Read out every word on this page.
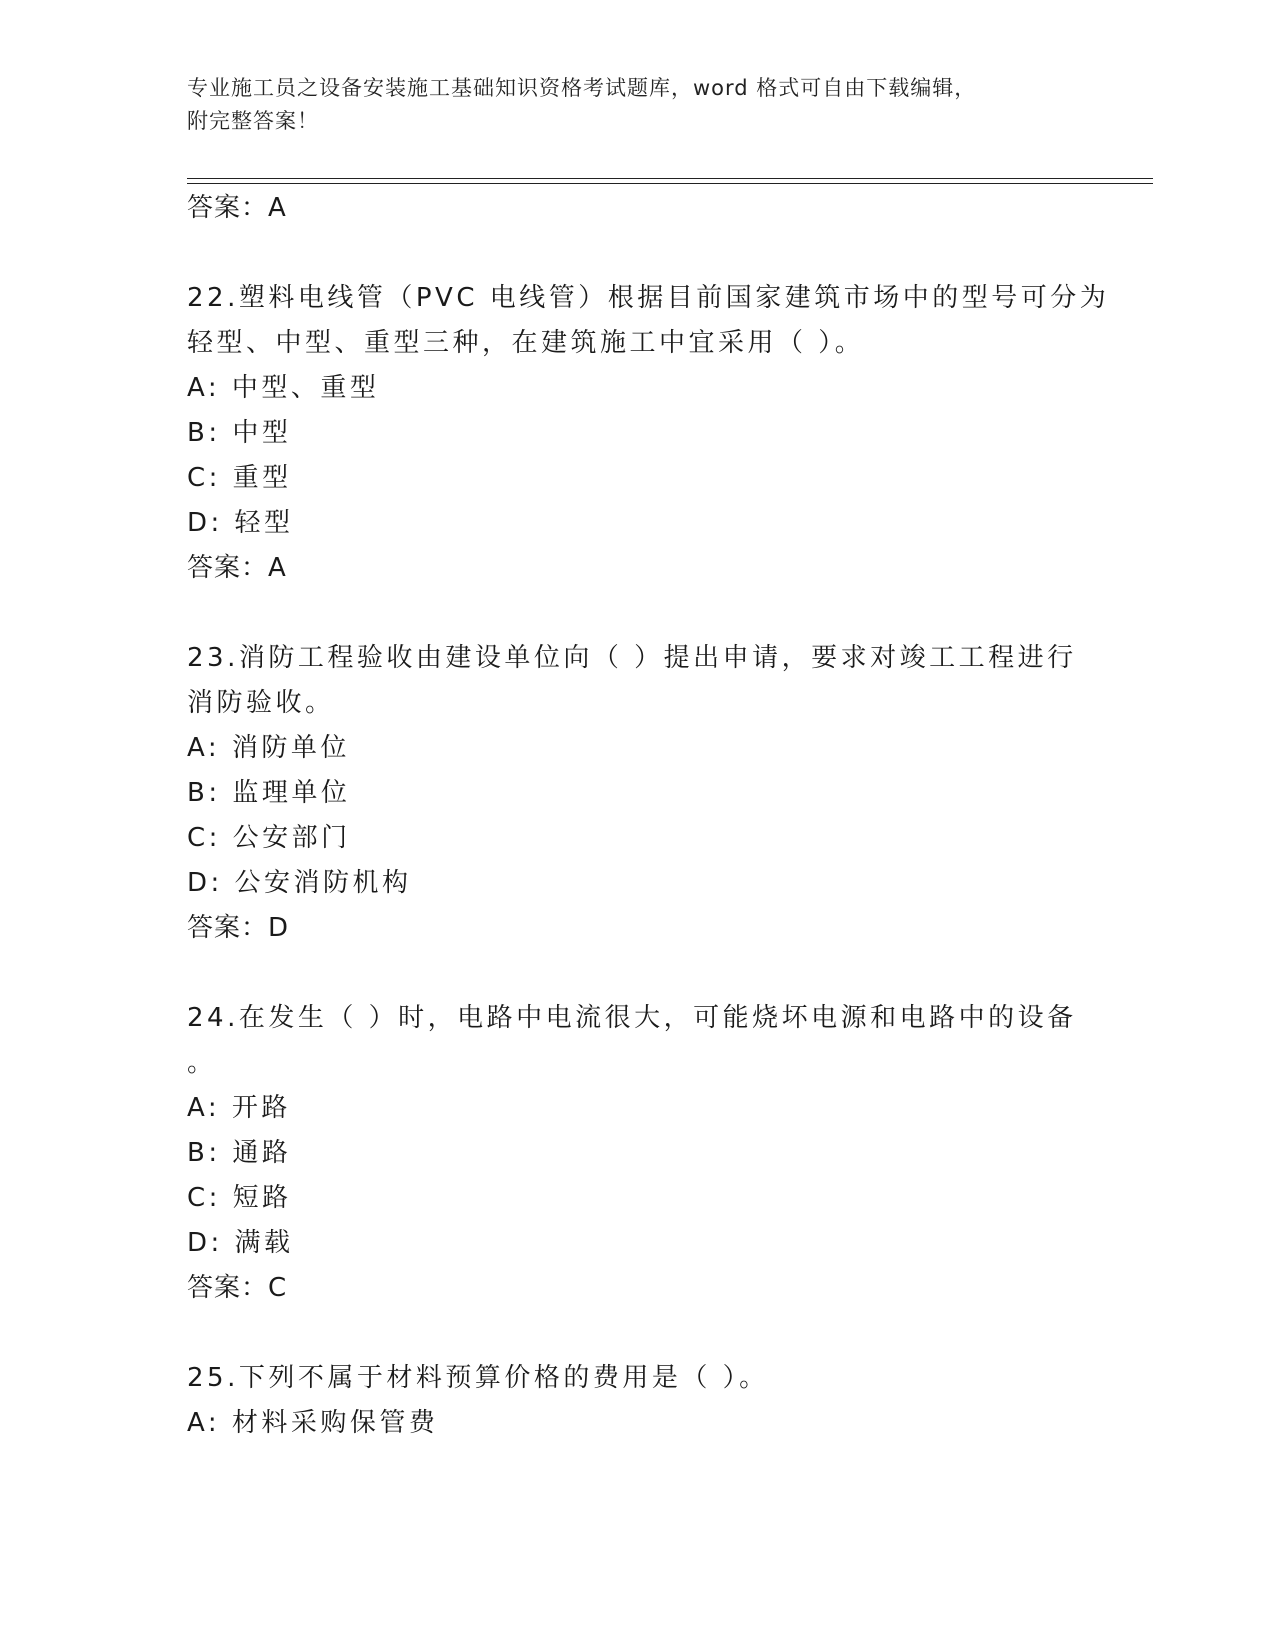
专业施工员之设备安装施工基础知识资格考试题库，word 格式可自由下载编辑，
附完整答案！
答案：A
22.塑料电线管（PVC 电线管）根据目前国家建筑市场中的型号可分为
轻型、中型、重型三种，在建筑施工中宜采用（ ）。
A: 中型、重型
B: 中型
C: 重型
D: 轻型
答案：A
23.消防工程验收由建设单位向（ ）提出申请，要求对竣工工程进行
消防验收。
A: 消防单位
B: 监理单位
C: 公安部门
D: 公安消防机构
答案：D
24.在发生（ ）时，电路中电流很大，可能烧坏电源和电路中的设备
。
A: 开路
B: 通路
C: 短路
D: 满载
答案：C
25.下列不属于材料预算价格的费用是（ ）。
A: 材料采购保管费
